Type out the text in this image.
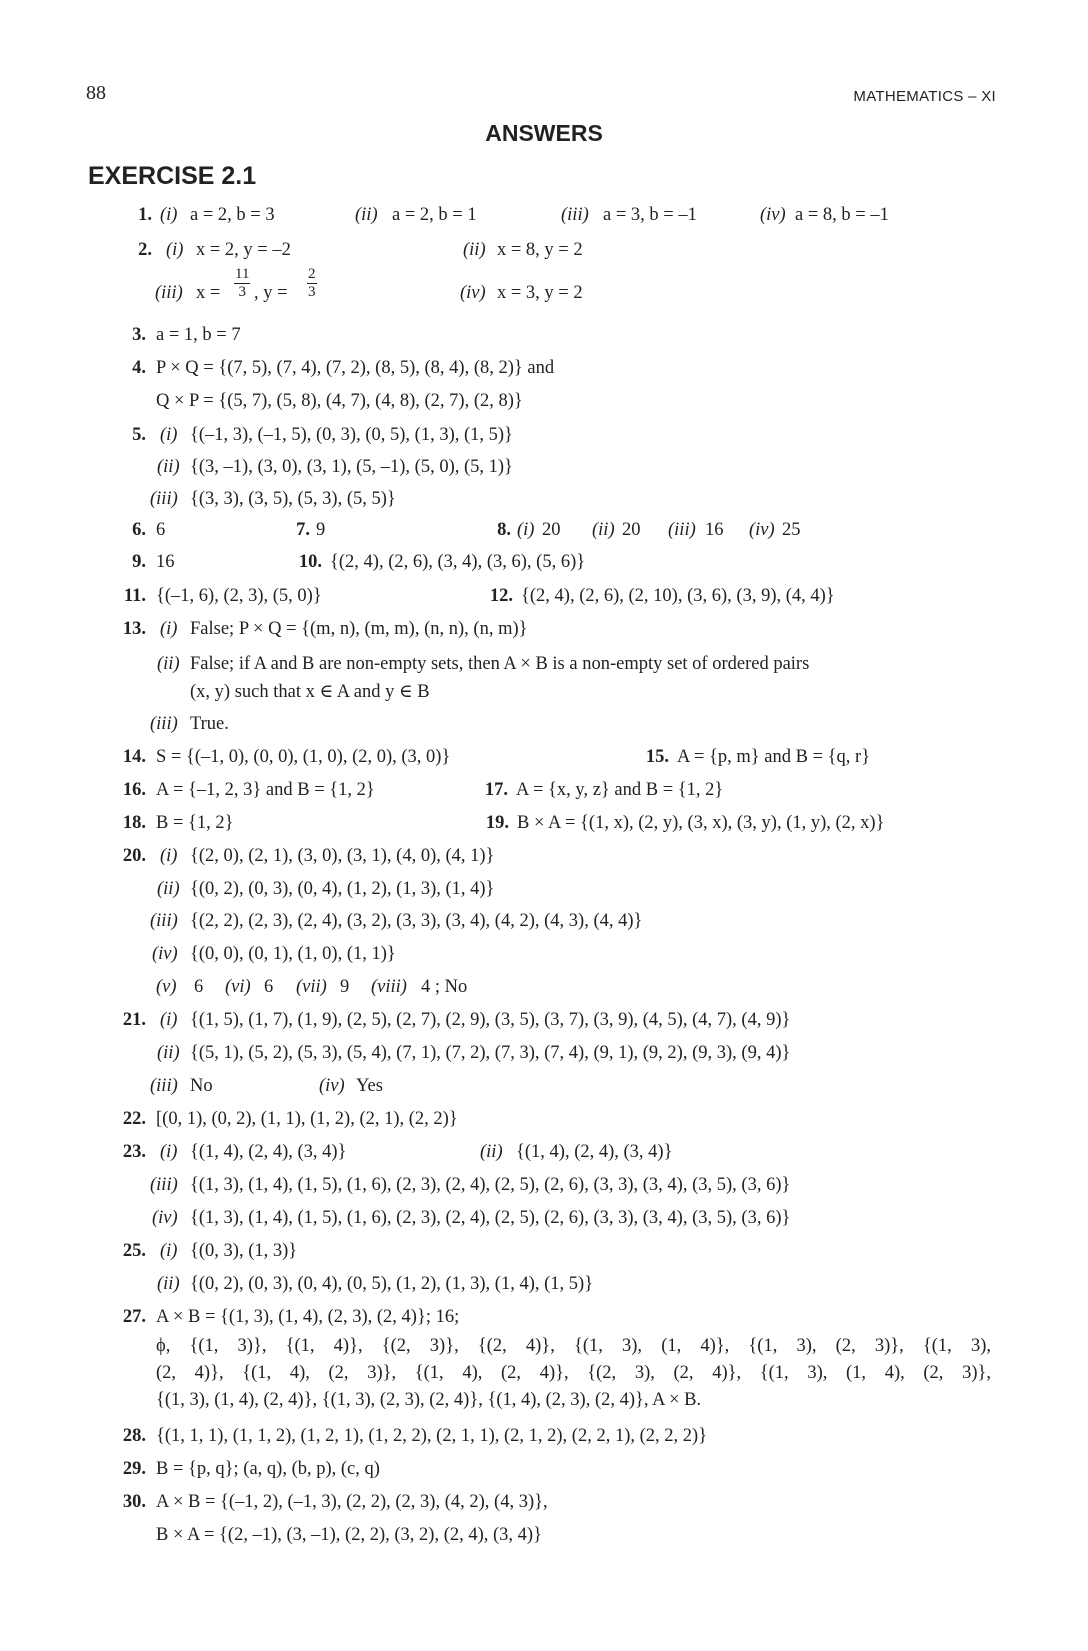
88	MATHEMATICS – XI
ANSWERS
EXERCISE 2.1
1. (i) a = 2, b = 3	(ii) a = 2, b = 1	(iii) a = 3, b = –1	(iv) a = 8, b = –1
2. (i) x = 2, y = –2	(ii) x = 8, y = 2
(iii) $x = \frac{11}{3}$ , $y = \frac{2}{3}$	(iv) x = 3, y = 2
3. a = 1, b = 7
4. P × Q = {(7, 5), (7, 4), (7, 2), (8, 5), (8, 4), (8, 2)} and
Q × P = {(5, 7), (5, 8), (4, 7), (4, 8), (2, 7), (2, 8)}
5. (i) {(–1, 3), (–1, 5), (0, 3), (0, 5), (1, 3), (1, 5)}
(ii) {(3, –1), (3, 0), (3, 1), (5, –1), (5, 0), (5, 1)}
(iii) {(3, 3), (3, 5), (5, 3), (5, 5)}
6. 6	7. 9	8. (i) 20 (ii) 20 (iii) 16 (iv) 25
9. 16	10. {(2, 4), (2, 6), (3, 4), (3, 6), (5, 6)}
11. {(–1, 6), (2, 3), (5, 0)}	12. {(2, 4), (2, 6), (2, 10), (3, 6), (3, 9), (4, 4)}
13. (i) False; P × Q = {(m, n), (m, m), (n, n), (n, m)}
(ii) False; if A and B are non-empty sets, then A × B is a non-empty set of ordered pairs
(x, y) such that x ∈ A and y ∈ B
(iii) True.
14. S = {(–1, 0), (0, 0), (1, 0), (2, 0), (3, 0)}	15. A = {p, m} and B = {q, r}
16. A = {–1, 2, 3} and B = {1, 2}	17. A = {x, y, z} and B = {1, 2}
18. B = {1, 2}	19. B × A = {(1, x), (2, y), (3, x), (3, y), (1, y), (2, x)}
20. (i) {(2, 0), (2, 1), (3, 0), (3, 1), (4, 0), (4, 1)}
(ii) {(0, 2), (0, 3), (0, 4), (1, 2), (1, 3), (1, 4)}
(iii) {(2, 2), (2, 3), (2, 4), (3, 2), (3, 3), (3, 4), (4, 2), (4, 3), (4, 4)}
(iv) {(0, 0), (0, 1), (1, 0), (1, 1)}
(v) 6 (vi) 6 (vii) 9 (viii) 4 ; No
21. (i) {(1, 5), (1, 7), (1, 9), (2, 5), (2, 7), (2, 9), (3, 5), (3, 7), (3, 9), (4, 5), (4, 7), (4, 9)}
(ii) {(5, 1), (5, 2), (5, 3), (5, 4), (7, 1), (7, 2), (7, 3), (7, 4), (9, 1), (9, 2), (9, 3), (9, 4)}
(iii) No	(iv) Yes
22. [(0, 1), (0, 2), (1, 1), (1, 2), (2, 1), (2, 2)}
23. (i) {(1, 4), (2, 4), (3, 4)}	(ii) {(1, 4), (2, 4), (3, 4)}
(iii) {(1, 3), (1, 4), (1, 5), (1, 6), (2, 3), (2, 4), (2, 5), (2, 6), (3, 3), (3, 4), (3, 5), (3, 6)}
(iv) {(1, 3), (1, 4), (1, 5), (1, 6), (2, 3), (2, 4), (2, 5), (2, 6), (3, 3), (3, 4), (3, 5), (3, 6)}
25. (i) {(0, 3), (1, 3)}
(ii) {(0, 2), (0, 3), (0, 4), (0, 5), (1, 2), (1, 3), (1, 4), (1, 5)}
27. A × B = {(1, 3), (1, 4), (2, 3), (2, 4)}; 16;
ϕ, {(1, 3)}, {(1, 4)}, {(2, 3)}, {(2, 4)}, {(1, 3), (1, 4)}, {(1, 3), (2, 3)}, {(1, 3),
(2, 4)}, {(1, 4), (2, 3)}, {(1, 4), (2, 4)}, {(2, 3), (2, 4)}, {(1, 3), (1, 4), (2, 3)},
{(1, 3), (1, 4), (2, 4)}, {(1, 3), (2, 3), (2, 4)}, {(1, 4), (2, 3), (2, 4)}, A × B.
28. {(1, 1, 1), (1, 1, 2), (1, 2, 1), (1, 2, 2), (2, 1, 1), (2, 1, 2), (2, 2, 1), (2, 2, 2)}
29. B = {p, q}; (a, q), (b, p), (c, q)
30. A × B = {(–1, 2), (–1, 3), (2, 2), (2, 3), (4, 2), (4, 3)},
B × A = {(2, –1), (3, –1), (2, 2), (3, 2), (2, 4), (3, 4)}
